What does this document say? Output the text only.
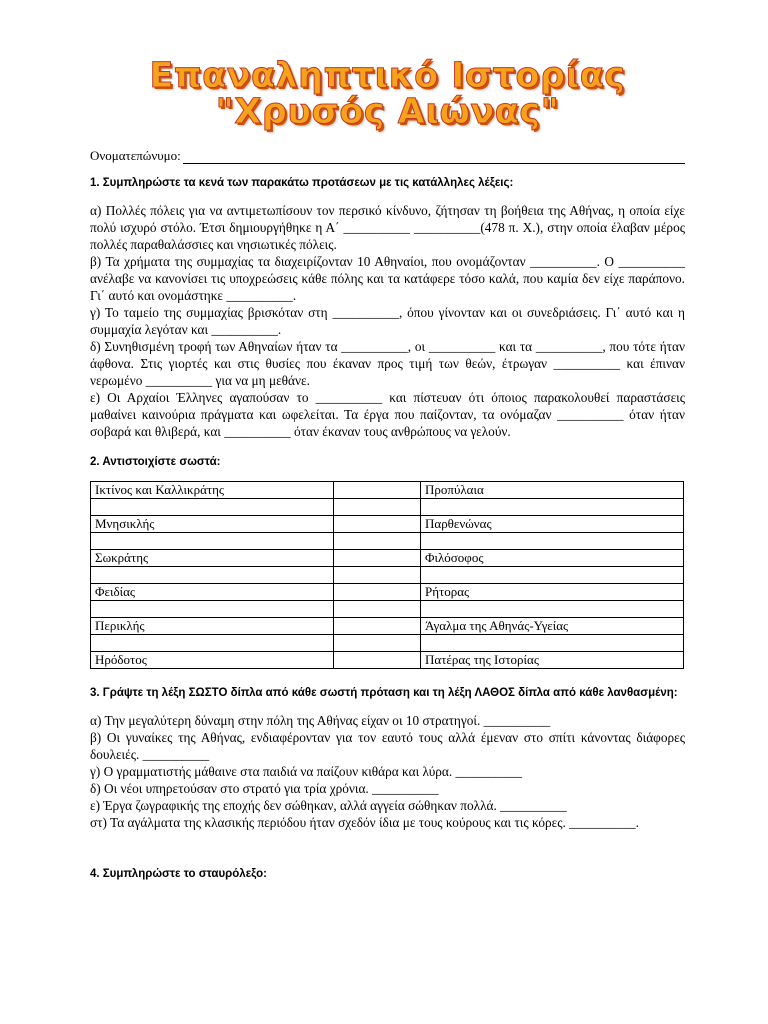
Επαναληπτικό Ιστορίας
"Χρυσός Αιώνας"
Ονοματεπώνυμο:
1. Συμπληρώστε τα κενά των παρακάτω προτάσεων με τις κατάλληλες λέξεις:

α) Πολλές πόλεις για να αντιμετωπίσουν τον περσικό κίνδυνο, ζήτησαν τη βοήθεια της Αθήνας, η οποία είχε πολύ ισχυρό στόλο. Έτσι δημιουργήθηκε η Α΄ __________ __________(478 π. Χ.), στην οποία έλαβαν μέρος πολλές παραθαλάσσιες και νησιωτικές πόλεις.

β) Τα χρήματα της συμμαχίας τα διαχειρίζονταν 10 Αθηναίοι, που ονομάζονταν __________. Ο __________ ανέλαβε να κανονίσει τις υποχρεώσεις κάθε πόλης και τα κατάφερε τόσο καλά, που καμία δεν είχε παράπονο. Γι΄ αυτό και ονομάστηκε __________.

γ) Το ταμείο της συμμαχίας βρισκόταν στη __________, όπου γίνονταν και οι συνεδριάσεις. Γι΄ αυτό και η συμμαχία λεγόταν και __________.

δ) Συνηθισμένη τροφή των Αθηναίων ήταν τα __________, οι __________ και τα __________, που τότε ήταν άφθονα. Στις γιορτές και στις θυσίες που έκαναν προς τιμή των θεών, έτρωγαν __________ και έπιναν νερωμένο __________ για να μη μεθάνε.

ε) Οι Αρχαίοι Έλληνες αγαπούσαν το __________ και πίστευαν ότι όποιος παρακολουθεί παραστάσεις μαθαίνει καινούρια πράγματα και ωφελείται. Τα έργα που παίζονταν, τα ονόμαζαν __________ όταν ήταν σοβαρά και θλιβερά, και __________ όταν έκαναν τους ανθρώπους να γελούν.

2. Αντιστοιχίστε σωστά:
Ικτίνος και Καλλικράτης		Προπύλαια

Μνησικλής		Παρθενώνας

Σωκράτης		Φιλόσοφος

Φειδίας		Ρήτορας

Περικλής		Άγαλμα της Αθηνάς-Υγείας

Ηρόδοτος		Πατέρας της Ιστορίας
3. Γράψτε τη λέξη ΣΩΣΤΟ δίπλα από κάθε σωστή πρόταση και τη λέξη ΛΑΘΟΣ δίπλα από κάθε λανθασμένη:

α) Την μεγαλύτερη δύναμη στην πόλη της Αθήνας είχαν οι 10 στρατηγοί. __________

β) Οι γυναίκες της Αθήνας, ενδιαφέρονταν για τον εαυτό τους αλλά έμεναν στο σπίτι κάνοντας διάφορες δουλειές. __________

γ) Ο γραμματιστής μάθαινε στα παιδιά να παίζουν κιθάρα και λύρα. __________

δ) Οι νέοι υπηρετούσαν στο στρατό για τρία χρόνια. __________

ε) Έργα ζωγραφικής της εποχής δεν σώθηκαν, αλλά αγγεία σώθηκαν πολλά. __________

στ) Τα αγάλματα της κλασικής περιόδου ήταν σχεδόν ίδια με τους κούρους και τις κόρες. __________.

4. Συμπληρώστε το σταυρόλεξο:
